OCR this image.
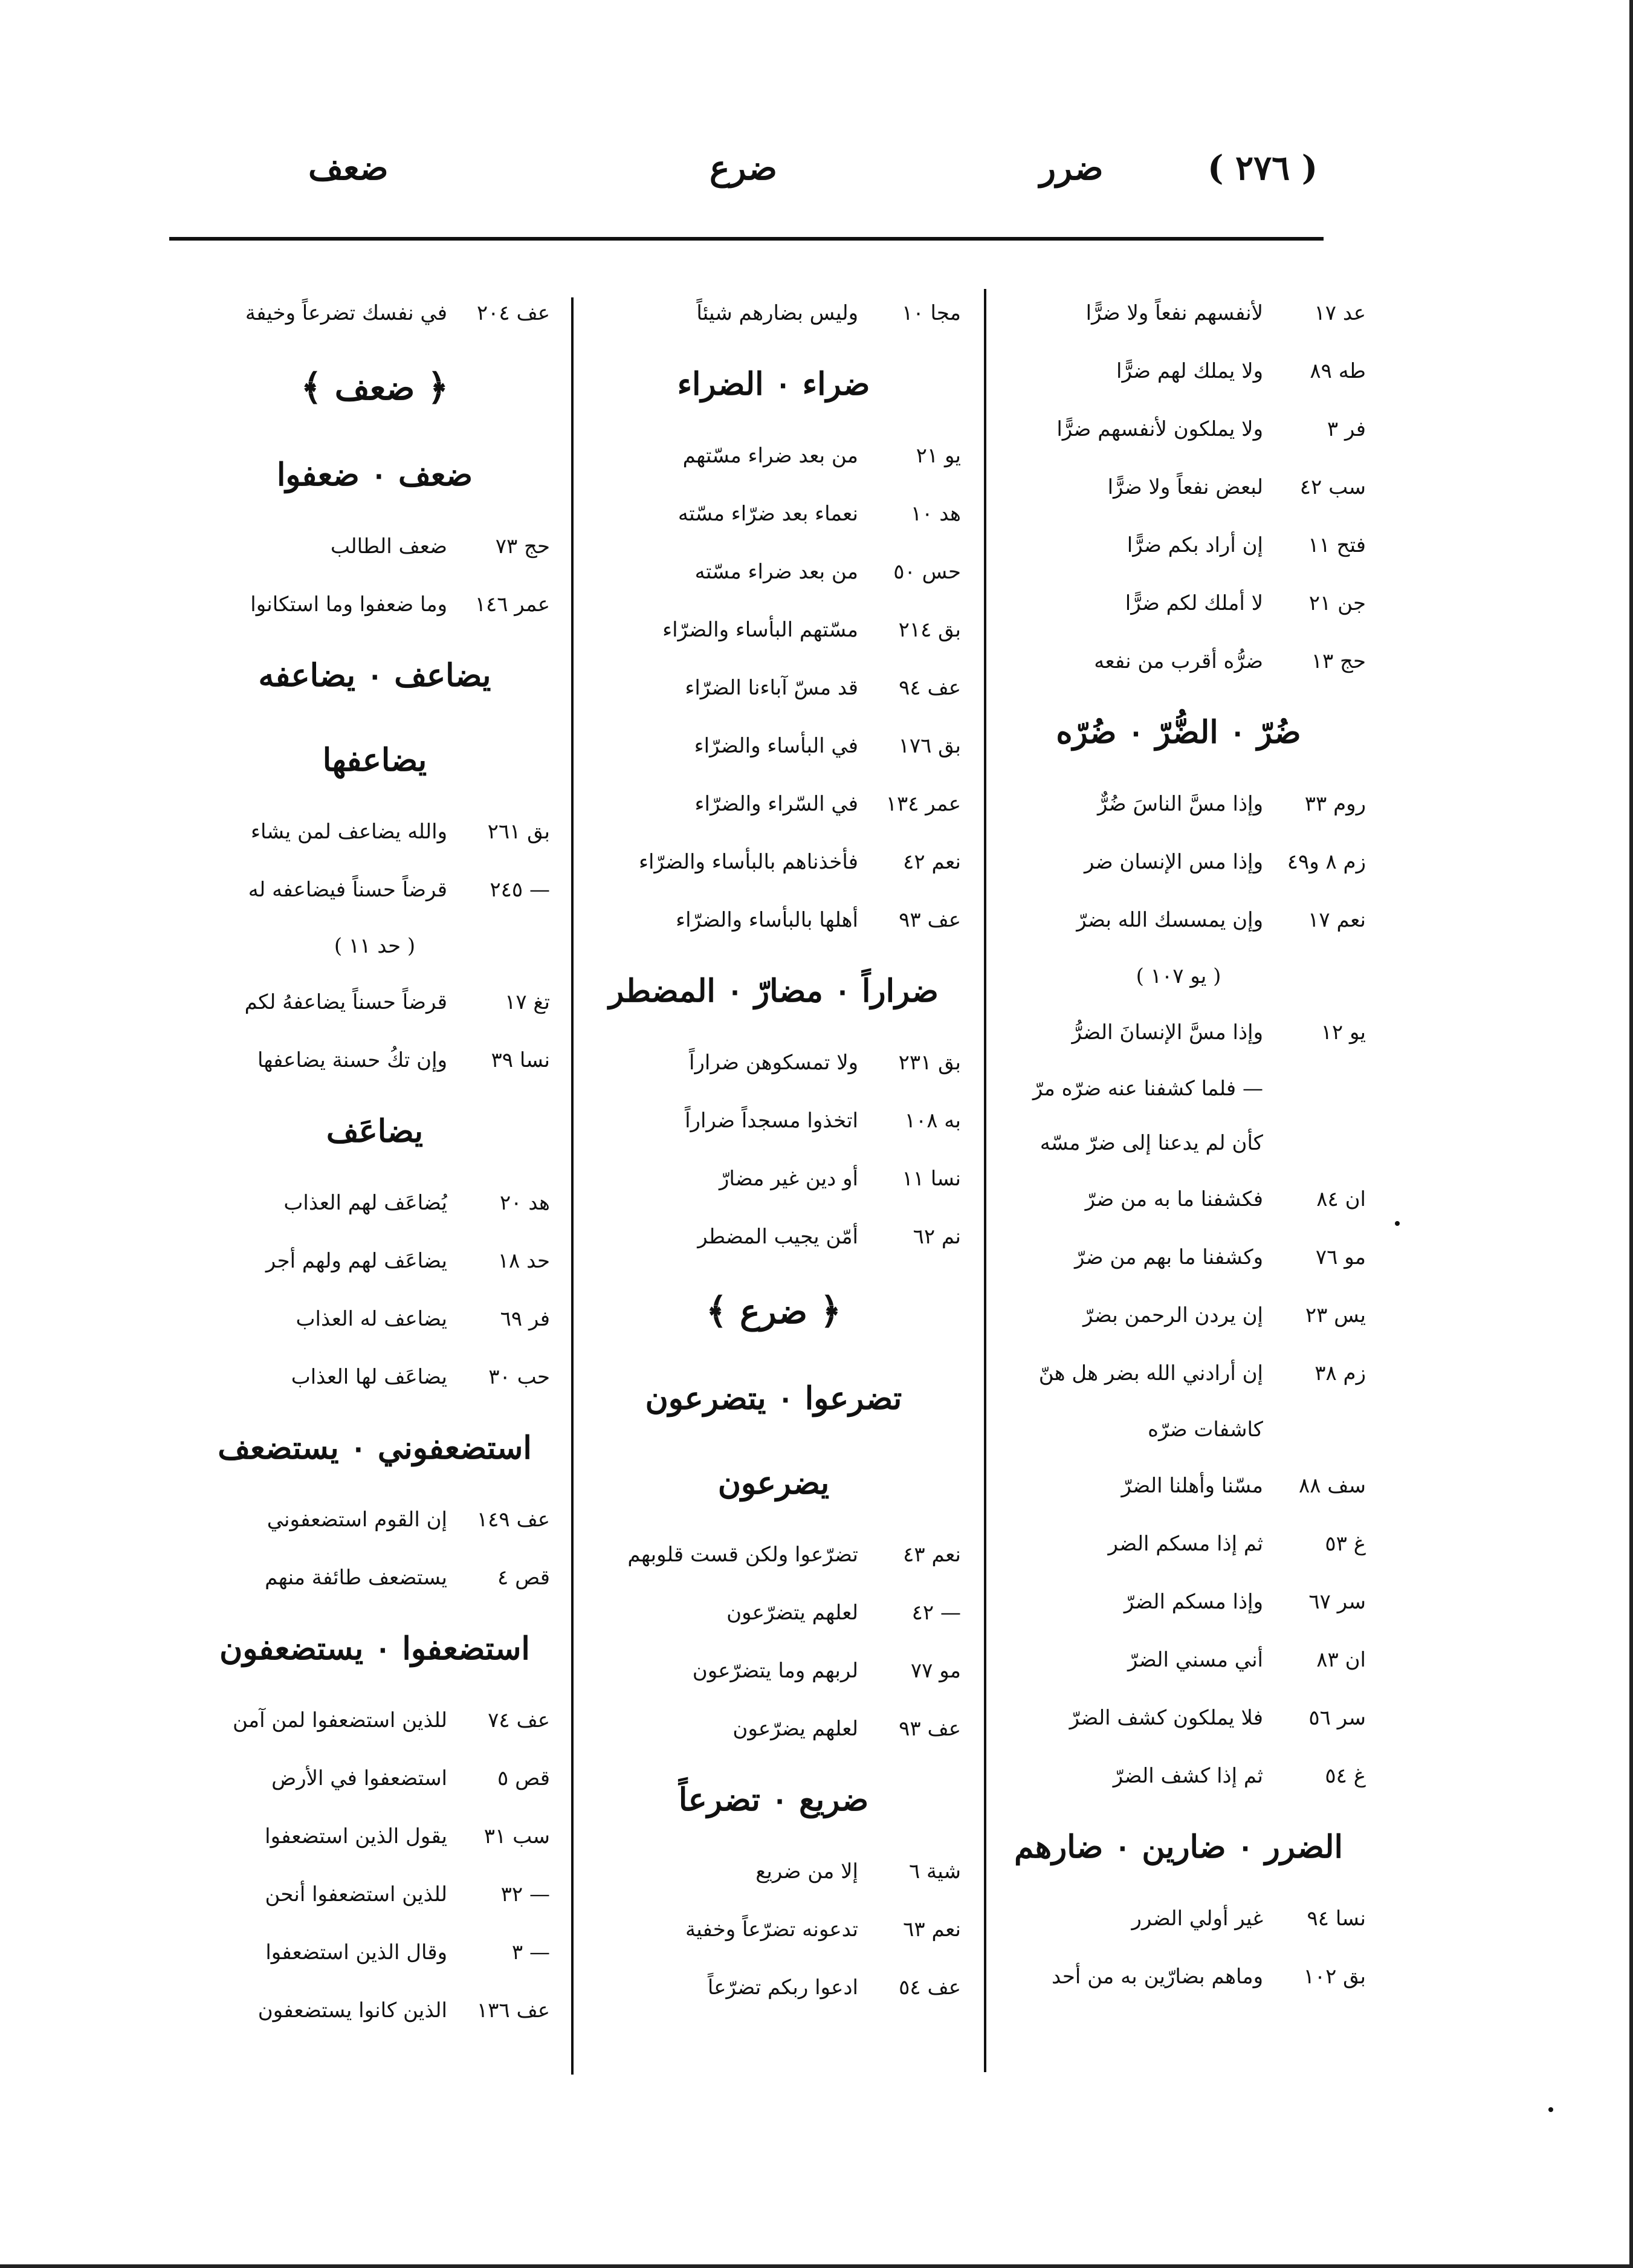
( ٢٧٦ )
ضرر
ضرع
ضعف
عد ١٧
لأنفسهم نفعاً ولا ضرًّا
طه ٨٩
ولا يملك لهم ضرًّا
فر ٣
ولا يملكون لأنفسهم ضرًّا
سب ٤٢
لبعض نفعاً ولا ضرًّا
فتح ١١
إن أراد بكم ضرًّا
جن ٢١
لا أملك لكم ضرًّا
حج ١٣
ضرُّه أقرب من نفعه
ضُرّ ۰ الضُّرّ ۰ ضُرّه
روم ٣٣
وإذا مسَّ الناسَ ضُرٌّ
زم ٨ و٤٩
وإذا مس الإنسان ضر
نعم ١٧
وإن يمسسك الله بضرّ
( يو ١٠٧ )
يو ١٢
وإذا مسَّ الإنسانَ الضرُّ
— فلما كشفنا عنه ضرّه مرّ
كأن لم يدعنا إلى ضرّ مسّه
ان ٨٤
فكشفنا ما به من ضرّ
مو ٧٦
وكشفنا ما بهم من ضرّ
يس ٢٣
إن يردن الرحمن بضرّ
زم ٣٨
إن أرادني الله بضر هل هنّ
كاشفات ضرّه
سف ٨٨
مسّنا وأهلنا الضرّ
غ ٥٣
ثم إذا مسكم الضر
سر ٦٧
وإذا مسكم الضرّ
ان ٨٣
أني مسني الضرّ
سر ٥٦
فلا يملكون كشف الضرّ
غ ٥٤
ثم إذا كشف الضرّ
الضرر ۰ ضارين ۰ ضارهم
نسا ٩٤
غير أولي الضرر
بق ١٠٢
وماهم بضارّين به من أحد
مجا ١٠
وليس بضارهم شيئاً
ضراء ۰ الضراء
يو ٢١
من بعد ضراء مسّتهم
هد ١٠
نعماء بعد ضرّاء مسّته
حس ٥٠
من بعد ضراء مسّته
بق ٢١٤
مسّتهم البأساء والضرّاء
عف ٩٤
قد مسّ آباءنا الضرّاء
بق ١٧٦
في البأساء والضرّاء
عمر ١٣٤
في السّراء والضرّاء
نعم ٤٢
فأخذناهم بالبأساء والضرّاء
عف ٩٣
أهلها بالبأساء والضرّاء
ضراراً ۰ مضارّ ۰ المضطر
بق ٢٣١
ولا تمسكوهن ضراراً
به ١٠٨
اتخذوا مسجداً ضراراً
نسا ١١
أو دين غير مضارّ
نم ٦٢
أمّن يجيب المضطر
﴿ ضرع ﴾
تضرعوا ۰ يتضرعون
يضرعون
نعم ٤٣
تضرّعوا ولكن قست قلوبهم
— ٤٢
لعلهم يتضرّعون
مو ٧٧
لربهم وما يتضرّعون
عف ٩٣
لعلهم يضرّعون
ضريع ۰ تضرعاً
شية ٦
إلا من ضريع
نعم ٦٣
تدعونه تضرّعاً وخفية
عف ٥٤
ادعوا ربكم تضرّعاً
عف ٢٠٤
في نفسك تضرعاً وخيفة
﴿ ضعف ﴾
ضعف ۰ ضعفوا
حج ٧٣
ضعف الطالب
عمر ١٤٦
وما ضعفوا وما استكانوا
يضاعف ۰ يضاعفه
يضاعفها
بق ٢٦١
والله يضاعف لمن يشاء
— ٢٤٥
قرضاً حسناً فيضاعفه له
( حد ١١ )
تغ ١٧
قرضاً حسناً يضاعفهُ لكم
نسا ٣٩
وإن تكُ حسنة يضاعفها
يضاعَف
هد ٢٠
يُضاعَف لهم العذاب
حد ١٨
يضاعَف لهم ولهم أجر
فر ٦٩
يضاعف له العذاب
حب ٣٠
يضاعَف لها العذاب
استضعفوني ۰ يستضعف
عف ١٤٩
إن القوم استضعفوني
قص ٤
يستضعف طائفة منهم
استضعفوا ۰ يستضعفون
عف ٧٤
للذين استضعفوا لمن آمن
قص ٥
استضعفوا في الأرض
سب ٣١
يقول الذين استضعفوا
— ٣٢
للذين استضعفوا أنحن
— ٣
وقال الذين استضعفوا
عف ١٣٦
الذين كانوا يستضعفون
